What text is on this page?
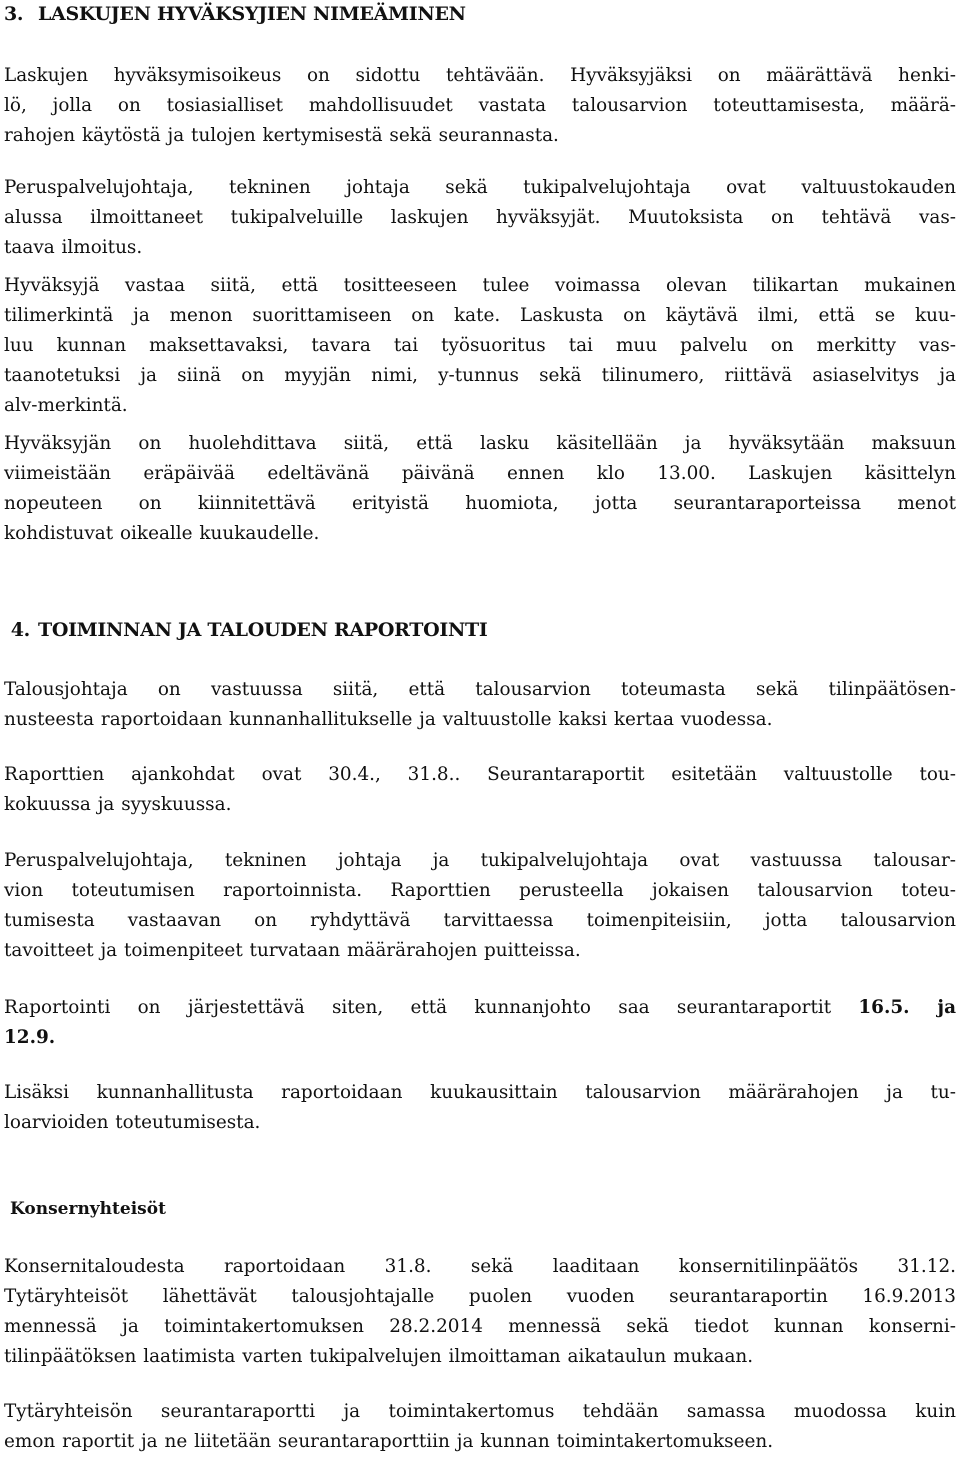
3. LASKUJEN HYVÄKSYJIEN NIMEÄMINEN
Laskujen hyväksymisoikeus on sidottu tehtävään. Hyväksyjäksi on määrättävä henki-
lö, jolla on tosiasialliset mahdollisuudet vastata talousarvion toteuttamisesta, määrä-
rahojen käytöstä ja tulojen kertymisestä sekä seurannasta.
Peruspalvelujohtaja, tekninen johtaja sekä tukipalvelujohtaja ovat valtuustokauden
alussa ilmoittaneet tukipalveluille laskujen hyväksyjät. Muutoksista on tehtävä vas-
taava ilmoitus.
Hyväksyjä vastaa siitä, että tositteeseen tulee voimassa olevan tilikartan mukainen
tilimerkintä ja menon suorittamiseen on kate. Laskusta on käytävä ilmi, että se kuu-
luu kunnan maksettavaksi, tavara tai työsuoritus tai muu palvelu on merkitty vas-
taanotetuksi ja siinä on myyjän nimi, y-tunnus sekä tilinumero, riittävä asiaselvitys ja
alv-merkintä.
Hyväksyjän on huolehdittava siitä, että lasku käsitellään ja hyväksytään maksuun
viimeistään eräpäivää edeltävänä päivänä ennen klo 13.00. Laskujen käsittelyn
nopeuteen on kiinnitettävä erityistä huomiota, jotta seurantaraporteissa menot
kohdistuvat oikealle kuukaudelle.
4. TOIMINNAN JA TALOUDEN RAPORTOINTI
Talousjohtaja on vastuussa siitä, että talousarvion toteumasta sekä tilinpäätösen-
nusteesta raportoidaan kunnanhallitukselle ja valtuustolle kaksi kertaa vuodessa.
Raporttien ajankohdat ovat 30.4., 31.8.. Seurantaraportit esitetään valtuustolle tou-
kokuussa ja syyskuussa.
Peruspalvelujohtaja, tekninen johtaja ja tukipalvelujohtaja ovat vastuussa talousar-
vion toteutumisen raportoinnista. Raporttien perusteella jokaisen talousarvion toteu-
tumisesta vastaavan on ryhdyttävä tarvittaessa toimenpiteisiin, jotta talousarvion
tavoitteet ja toimenpiteet turvataan määrärahojen puitteissa.
Raportointi on järjestettävä siten, että kunnanjohto saa seurantaraportit 16.5. ja
12.9.
Lisäksi kunnanhallitusta raportoidaan kuukausittain talousarvion määrärahojen ja tu-
loarvioiden toteutumisesta.
Konsernyhteisöt
Konsernitaloudesta raportoidaan 31.8. sekä laaditaan konsernitilinpäätös 31.12.
Tytäryhteisöt lähettävät talousjohtajalle puolen vuoden seurantaraportin 16.9.2013
mennessä ja toimintakertomuksen 28.2.2014 mennessä sekä tiedot kunnan konserni-
tilinpäätöksen laatimista varten tukipalvelujen ilmoittaman aikataulun mukaan.
Tytäryhteisön seurantaraportti ja toimintakertomus tehdään samassa muodossa kuin
emon raportit ja ne liitetään seurantaraporttiin ja kunnan toimintakertomukseen.
